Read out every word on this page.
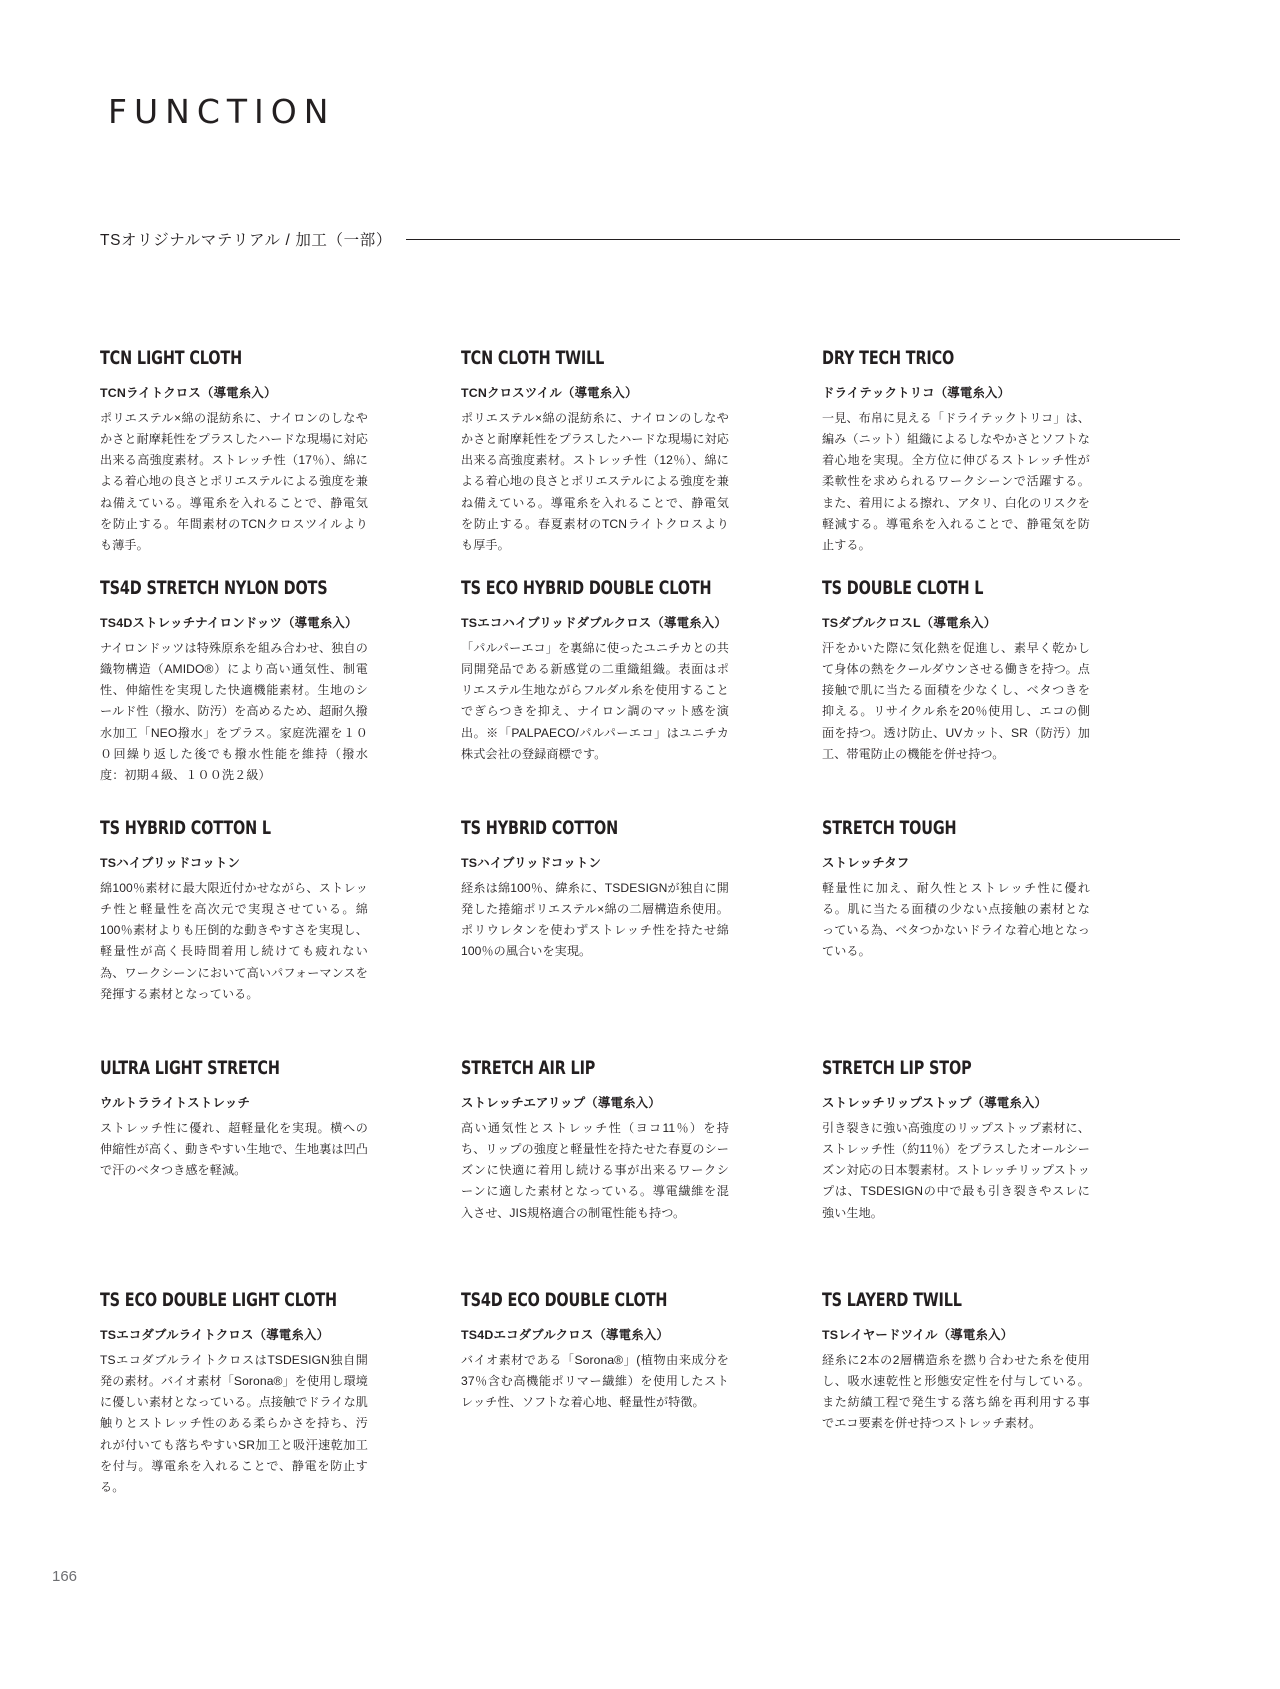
FUNCTION
TSオリジナルマテリアル / 加工（一部）
TCN LIGHT CLOTH
TCNライトクロス（導電糸入）
ポリエステル×綿の混紡糸に、ナイロンのしなやかさと耐摩耗性をプラスしたハードな現場に対応出来る高強度素材。ストレッチ性（17％）、綿による着心地の良さとポリエステルによる強度を兼ね備えている。導電糸を入れることで、静電気を防止する。年間素材のTCNクロスツイルよりも薄手。
TCN CLOTH TWILL
TCNクロスツイル（導電糸入）
ポリエステル×綿の混紡糸に、ナイロンのしなやかさと耐摩耗性をプラスしたハードな現場に対応出来る高強度素材。ストレッチ性（12％）、綿による着心地の良さとポリエステルによる強度を兼ね備えている。導電糸を入れることで、静電気を防止する。春夏素材のTCNライトクロスよりも厚手。
DRY TECH TRICO
ドライテックトリコ（導電糸入）
一見、布帛に見える「ドライテックトリコ」は、編み（ニット）組織によるしなやかさとソフトな着心地を実現。全方位に伸びるストレッチ性が柔軟性を求められるワークシーンで活躍する。また、着用による擦れ、アタリ、白化のリスクを軽減する。導電糸を入れることで、静電気を防止する。
TS4D STRETCH NYLON DOTS
TS4Dストレッチナイロンドッツ（導電糸入）
ナイロンドッツは特殊原糸を組み合わせ、独自の織物構造（AMIDO®）により高い通気性、制電性、伸縮性を実現した快適機能素材。生地のシールド性（撥水、防汚）を高めるため、超耐久撥水加工「NEO撥水」をプラス。家庭洗濯を１００回繰り返した後でも撥水性能を維持（撥水度：初期４級、１００洗２級）
TS ECO HYBRID DOUBLE CLOTH
TSエコハイブリッドダブルクロス（導電糸入）
「パルパーエコ」を裏綿に使ったユニチカとの共同開発品である新感覚の二重織組織。表面はポリエステル生地ながらフルダル糸を使用することでぎらつきを抑え、ナイロン調のマット感を演出。※「PALPAECO/パルパーエコ」はユニチカ株式会社の登録商標です。
TS DOUBLE CLOTH L
TSダブルクロスL（導電糸入）
汗をかいた際に気化熱を促進し、素早く乾かして身体の熱をクールダウンさせる働きを持つ。点接触で肌に当たる面積を少なくし、ベタつきを抑える。リサイクル糸を20％使用し、エコの側面を持つ。透け防止、UVカット、SR（防汚）加工、帯電防止の機能を併せ持つ。
TS HYBRID COTTON L
TSハイブリッドコットン
綿100％素材に最大限近付かせながら、ストレッチ性と軽量性を高次元で実現させている。綿100％素材よりも圧倒的な動きやすさを実現し、軽量性が高く長時間着用し続けても疲れない為、ワークシーンにおいて高いパフォーマンスを発揮する素材となっている。
TS HYBRID COTTON
TSハイブリッドコットン
経糸は綿100％、緯糸に、TSDESIGNが独自に開発した捲縮ポリエステル×綿の二層構造糸使用。ポリウレタンを使わずストレッチ性を持たせ綿100％の風合いを実現。
STRETCH TOUGH
ストレッチタフ
軽量性に加え、耐久性とストレッチ性に優れる。肌に当たる面積の少ない点接触の素材となっている為、ベタつかないドライな着心地となっている。
ULTRA LIGHT STRETCH
ウルトラライトストレッチ
ストレッチ性に優れ、超軽量化を実現。横への伸縮性が高く、動きやすい生地で、生地裏は凹凸で汗のベタつき感を軽減。
STRETCH AIR LIP
ストレッチエアリップ（導電糸入）
高い通気性とストレッチ性（ヨコ11％）を持ち、リップの強度と軽量性を持たせた春夏のシーズンに快適に着用し続ける事が出来るワークシーンに適した素材となっている。導電繊維を混入させ、JIS規格適合の制電性能も持つ。
STRETCH LIP STOP
ストレッチリップストップ（導電糸入）
引き裂きに強い高強度のリップストップ素材に、ストレッチ性（約11％）をプラスしたオールシーズン対応の日本製素材。ストレッチリップストップは、TSDESIGNの中で最も引き裂きやスレに強い生地。
TS ECO DOUBLE LIGHT CLOTH
TSエコダブルライトクロス（導電糸入）
TSエコダブルライトクロスはTSDESIGN独自開発の素材。バイオ素材「Sorona®」を使用し環境に優しい素材となっている。点接触でドライな肌触りとストレッチ性のある柔らかさを持ち、汚れが付いても落ちやすいSR加工と吸汗速乾加工を付与。導電糸を入れることで、静電を防止する。
TS4D ECO DOUBLE CLOTH
TS4Dエコダブルクロス（導電糸入）
バイオ素材である「Sorona®」(植物由来成分を37％含む高機能ポリマー繊維）を使用したストレッチ性、ソフトな着心地、軽量性が特徴。
TS LAYERD TWILL
TSレイヤードツイル（導電糸入）
経糸に2本の2層構造糸を撚り合わせた糸を使用し、吸水速乾性と形態安定性を付与している。また紡績工程で発生する落ち綿を再利用する事でエコ要素を併せ持つストレッチ素材。
166
